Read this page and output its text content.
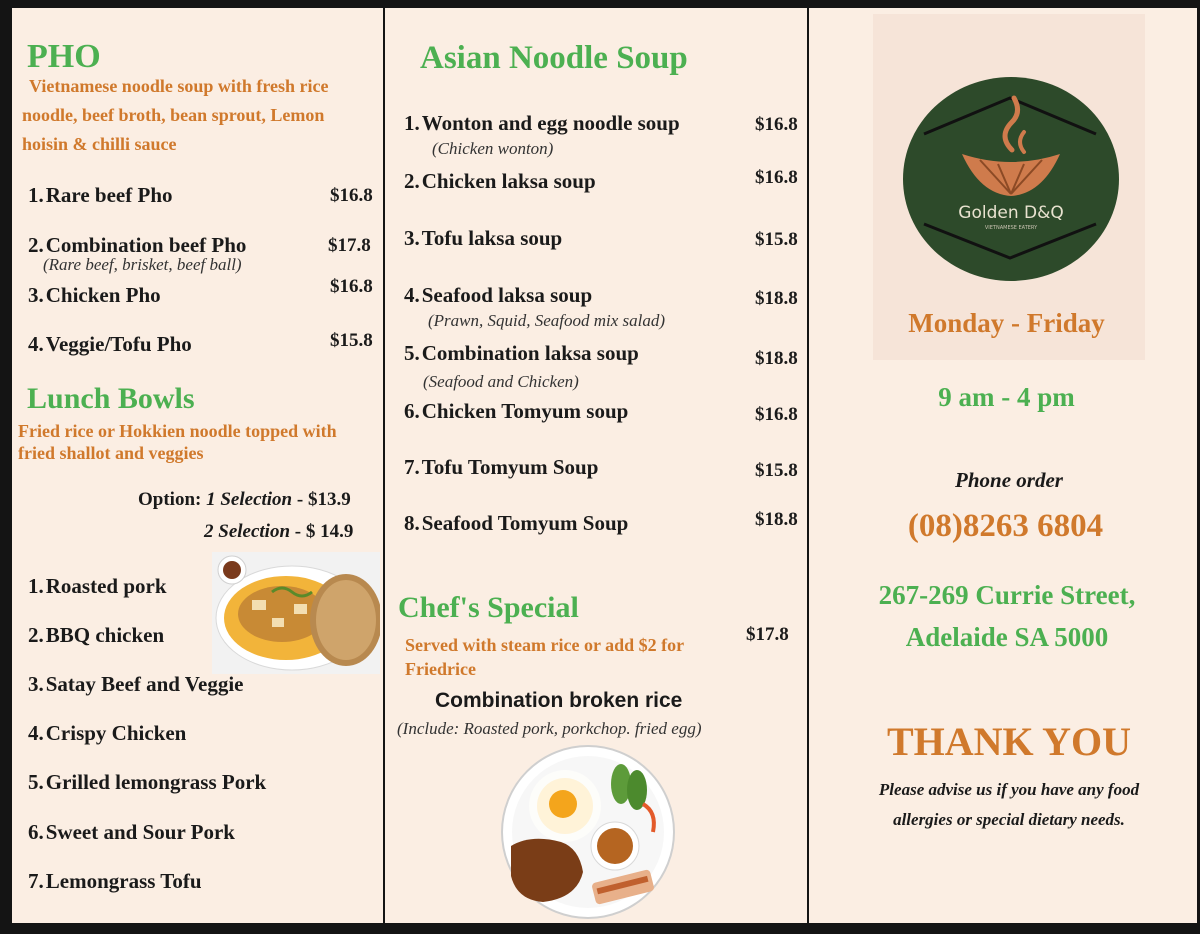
PHO
Vietnamese noodle soup with fresh rice
noodle, beef broth, bean sprout, Lemon
hoisin & chilli sauce
1.Rare beef Pho	$16.8
2.Combination beef Pho	$17.8
(Rare beef, brisket, beef ball)
3.Chicken Pho	$16.8
4.Veggie/Tofu Pho	$15.8
Lunch Bowls
Fried rice or Hokkien noodle topped with
fried shallot and veggies
Option: 1 Selection - $13.9
2 Selection - $ 14.9
1.Roasted pork
2.BBQ chicken
3.Satay Beef and Veggie
4.Crispy Chicken
5.Grilled lemongrass Pork
6.Sweet and Sour Pork
7.Lemongrass Tofu
Asian Noodle Soup
1.Wonton and egg noodle soup	$16.8
(Chicken wonton)
2.Chicken laksa soup	$16.8
3.Tofu laksa soup	$15.8
4.Seafood laksa soup	$18.8
(Prawn, Squid, Seafood mix salad)
5.Combination laksa soup	$18.8
(Seafood and Chicken)
6.Chicken Tomyum soup	$16.8
7.Tofu Tomyum Soup	$15.8
8.Seafood Tomyum Soup	$18.8
Chef's Special
Served with steam rice or add $2 for
Friedrice
$17.8
Combination broken rice
(Include: Roasted pork, porkchop. fried egg)
Golden D&Q
VIETNAMESE EATERY
Monday - Friday
9 am - 4 pm
Phone order
(08)8263 6804
267-269 Currie Street,
Adelaide SA 5000
THANK YOU
Please advise us if you have any food
allergies or special dietary needs.
